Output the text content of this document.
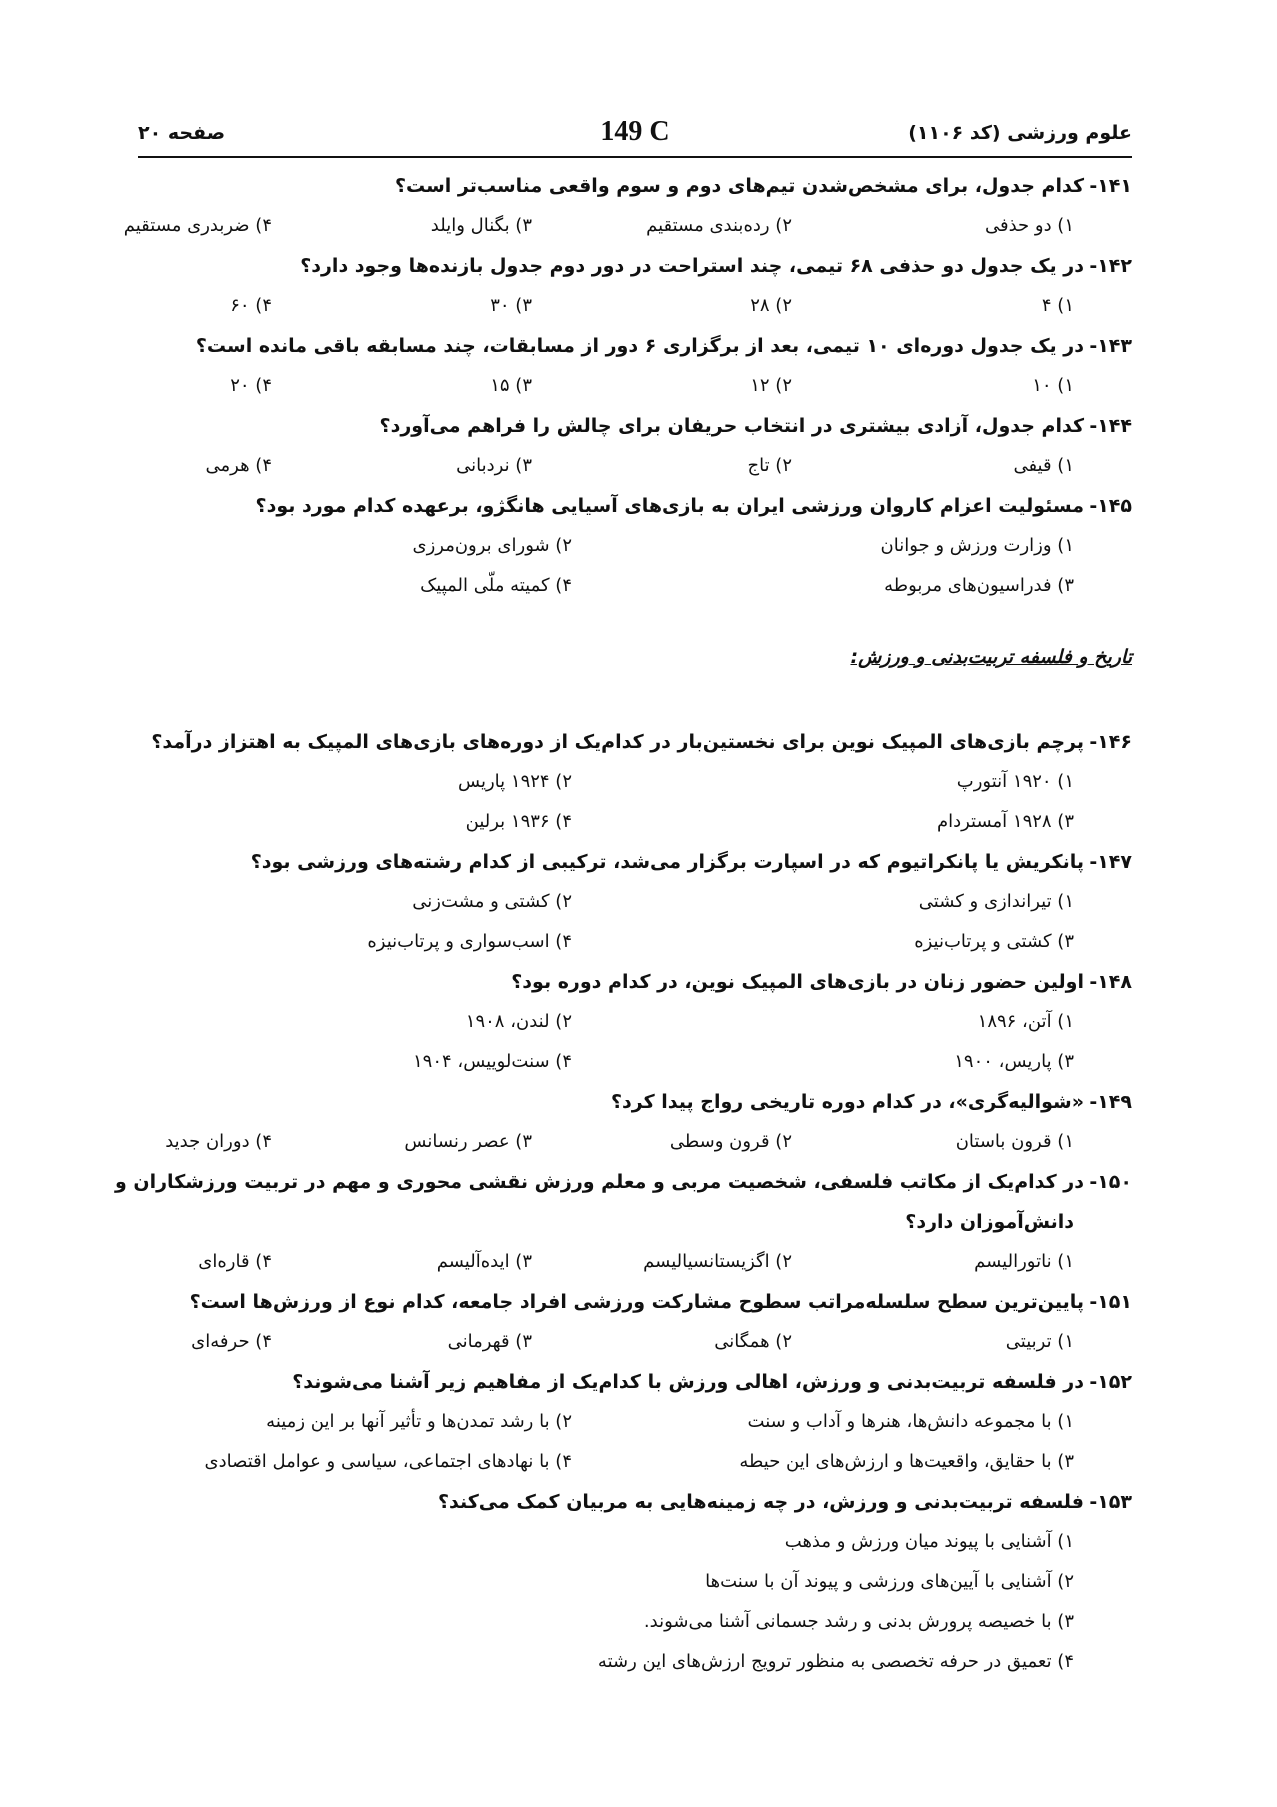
علوم ورزشی (کد ۱۱۰۶)
149 C
صفحه ۲۰
۱۴۱-کدام جدول، برای مشخص‌شدن تیم‌های دوم و سوم واقعی مناسب‌تر است؟
۱) دو حذفی
۲) رده‌بندی مستقیم
۳) بگنال وایلد
۴) ضربدری مستقیم
۱۴۲-در یک جدول دو حذفی ۶۸ تیمی، چند استراحت در دور دوم جدول بازنده‌ها وجود دارد؟
۱) ۴
۲) ۲۸
۳) ۳۰
۴) ۶۰
۱۴۳-در یک جدول دوره‌ای ۱۰ تیمی، بعد از برگزاری ۶ دور از مسابقات، چند مسابقه باقی مانده است؟
۱) ۱۰
۲) ۱۲
۳) ۱۵
۴) ۲۰
۱۴۴-کدام جدول، آزادی بیشتری در انتخاب حریفان برای چالش را فراهم می‌آورد؟
۱) قیفی
۲) تاج
۳) نردبانی
۴) هرمی
۱۴۵-مسئولیت اعزام کاروان ورزشی ایران به بازی‌های آسیایی هانگژو، برعهده کدام مورد بود؟
۱) وزارت ورزش و جوانان
۲) شورای برون‌مرزی
۳) فدراسیون‌های مربوطه
۴) کمیته ملّی المپیک
تاریخ و فلسفه تربیت‌بدنی و ورزش:
۱۴۶-پرچم بازی‌های المپیک نوین برای نخستین‌بار در کدام‌یک از دوره‌های بازی‌های المپیک به اهتزاز درآمد؟
۱) ۱۹۲۰ آنتورپ
۲) ۱۹۲۴ پاریس
۳) ۱۹۲۸ آمستردام
۴) ۱۹۳۶ برلین
۱۴۷-پانکریش یا پانکراتیوم که در اسپارت برگزار می‌شد، ترکیبی از کدام رشته‌های ورزشی بود؟
۱) تیراندازی و کشتی
۲) کشتی و مشت‌زنی
۳) کشتی و پرتاب‌نیزه
۴) اسب‌سواری و پرتاب‌نیزه
۱۴۸-اولین حضور زنان در بازی‌های المپیک نوین، در کدام دوره بود؟
۱) آتن، ۱۸۹۶
۲) لندن، ۱۹۰۸
۳) پاریس، ۱۹۰۰
۴) سنت‌لوییس، ۱۹۰۴
۱۴۹-«شوالیه‌گری»، در کدام دوره تاریخی رواج پیدا کرد؟
۱) قرون باستان
۲) قرون وسطی
۳) عصر رنسانس
۴) دوران جدید
۱۵۰-در کدام‌یک از مکاتب فلسفی، شخصیت مربی و معلم ورزش نقشی محوری و مهم در تربیت ورزشکاران و
دانش‌آموزان دارد؟
۱) ناتورالیسم
۲) اگزیستانسیالیسم
۳) ایده‌آلیسم
۴) قاره‌ای
۱۵۱-پایین‌ترین سطح سلسله‌مراتب سطوح مشارکت ورزشی افراد جامعه، کدام نوع از ورزش‌ها است؟
۱) تربیتی
۲) همگانی
۳) قهرمانی
۴) حرفه‌ای
۱۵۲-در فلسفه تربیت‌بدنی و ورزش، اهالی ورزش با کدام‌یک از مفاهیم زیر آشنا می‌شوند؟
۱) با مجموعه دانش‌ها، هنرها و آداب و سنت
۲) با رشد تمدن‌ها و تأثیر آنها بر این زمینه
۳) با حقایق، واقعیت‌ها و ارزش‌های این حیطه
۴) با نهادهای اجتماعی، سیاسی و عوامل اقتصادی
۱۵۳-فلسفه تربیت‌بدنی و ورزش، در چه زمینه‌هایی به مربیان کمک می‌کند؟
۱) آشنایی با پیوند میان ورزش و مذهب
۲) آشنایی با آیین‌های ورزشی و پیوند آن با سنت‌ها
۳) با خصیصه پرورش بدنی و رشد جسمانی آشنا می‌شوند.
۴) تعمیق در حرفه تخصصی به منظور ترویج ارزش‌های این رشته
